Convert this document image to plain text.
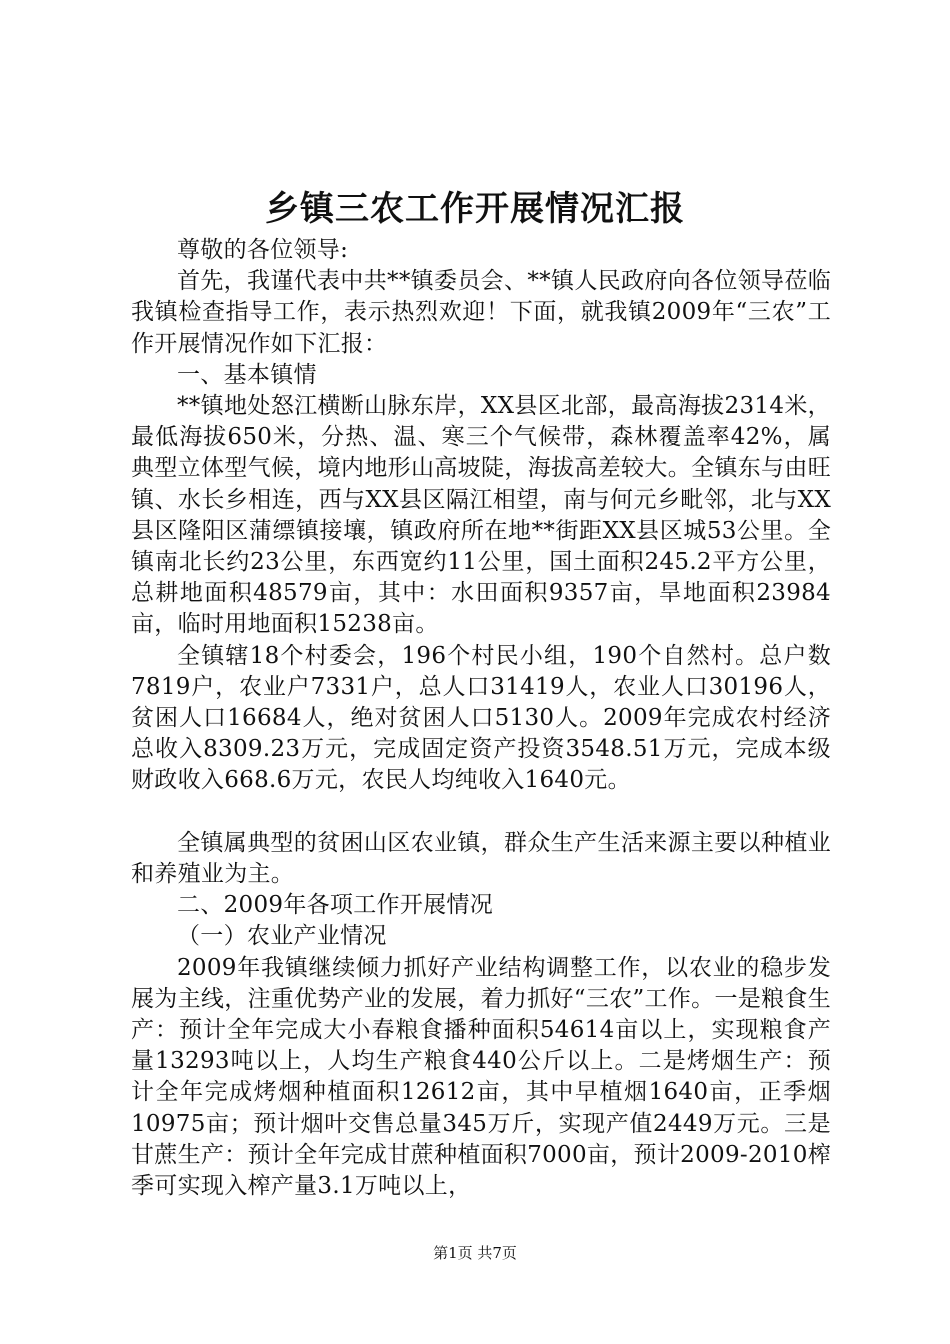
乡镇三农工作开展情况汇报

尊敬的各位领导:

首先，我谨代表中共**镇委员会、**镇人民政府向各位领导莅临我镇检查指导工作，表示热烈欢迎！下面，就我镇2009年“三农”工作开展情况作如下汇报：

一、基本镇情

**镇地处怒江横断山脉东岸，XX县区北部，最高海拔2314米，最低海拔650米，分热、温、寒三个气候带，森林覆盖率42%，属典型立体型气候，境内地形山高坡陡，海拔高差较大。全镇东与由旺镇、水长乡相连，西与XX县区隔江相望，南与何元乡毗邻，北与XX县区隆阳区蒲缥镇接壤，镇政府所在地**街距XX县区城53公里。全镇南北长约23公里，东西宽约11公里，国土面积245.2平方公里，总耕地面积48579亩，其中：水田面积9357亩，旱地面积23984亩，临时用地面积15238亩。

全镇辖18个村委会，196个村民小组，190个自然村。总户数7819户，农业户7331户，总人口31419人，农业人口30196人，贫困人口16684人，绝对贫困人口5130人。2009年完成农村经济总收入8309.23万元，完成固定资产投资3548.51万元，完成本级财政收入668.6万元，农民人均纯收入1640元。

全镇属典型的贫困山区农业镇，群众生产生活来源主要以种植业和养殖业为主。

二、2009年各项工作开展情况

（一）农业产业情况

2009年我镇继续倾力抓好产业结构调整工作，以农业的稳步发展为主线，注重优势产业的发展，着力抓好“三农”工作。一是粮食生产：预计全年完成大小春粮食播种面积54614亩以上，实现粮食产量13293吨以上，人均生产粮食440公斤以上。二是烤烟生产：预计全年完成烤烟种植面积12612亩，其中早植烟1640亩，正季烟10975亩；预计烟叶交售总量345万斤，实现产值2449万元。三是甘蔗生产：预计全年完成甘蔗种植面积7000亩，预计2009-2010榨季可实现入榨产量3.1万吨以上，

第1页 共7页
